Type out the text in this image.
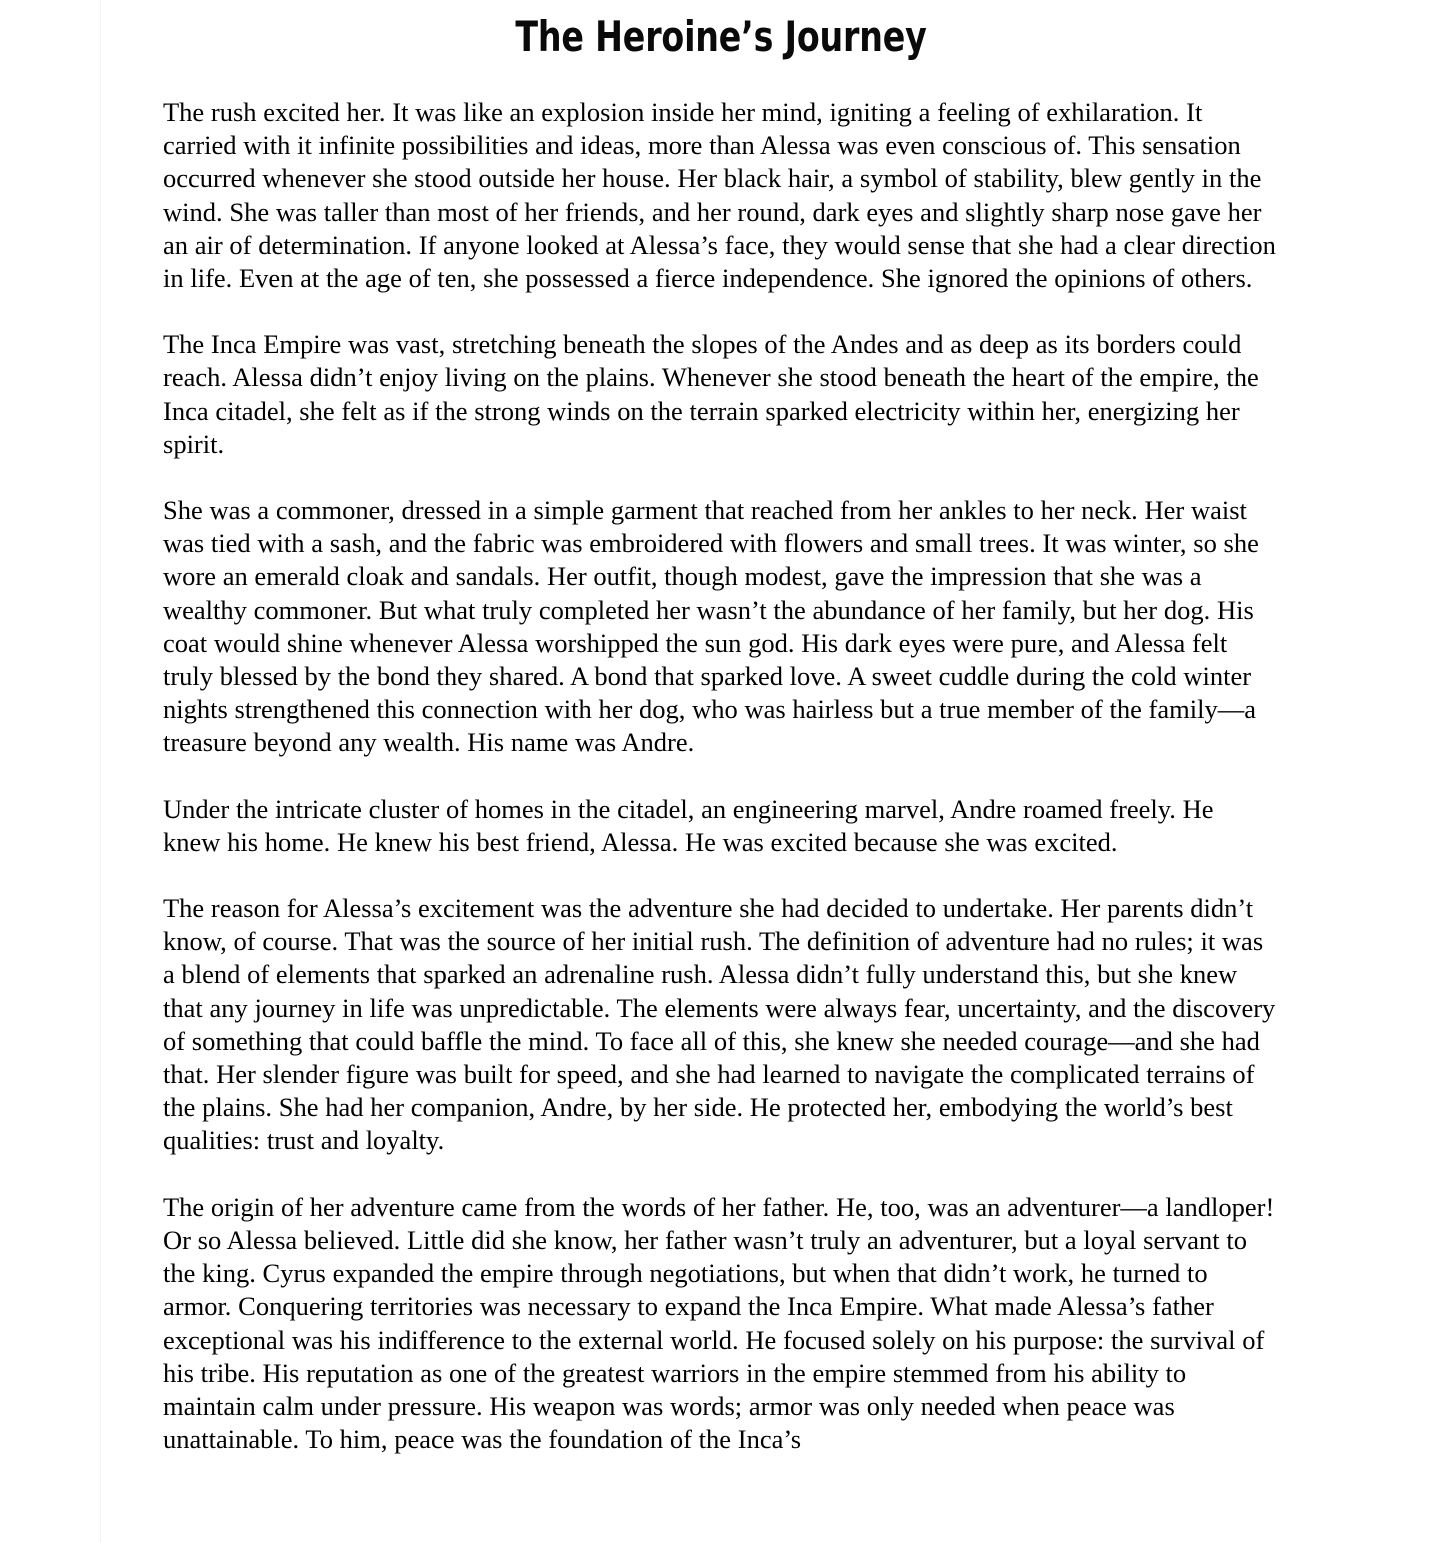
The Heroine’s Journey

The rush excited her. It was like an explosion inside her mind, igniting a feeling of exhilaration. It carried with it infinite possibilities and ideas, more than Alessa was even conscious of. This sensation occurred whenever she stood outside her house. Her black hair, a symbol of stability, blew gently in the wind. She was taller than most of her friends, and her round, dark eyes and slightly sharp nose gave her an air of determination. If anyone looked at Alessa’s face, they would sense that she had a clear direction in life. Even at the age of ten, she possessed a fierce independence. She ignored the opinions of others.

The Inca Empire was vast, stretching beneath the slopes of the Andes and as deep as its borders could reach. Alessa didn’t enjoy living on the plains. Whenever she stood beneath the heart of the empire, the Inca citadel, she felt as if the strong winds on the terrain sparked electricity within her, energizing her spirit.

She was a commoner, dressed in a simple garment that reached from her ankles to her neck. Her waist was tied with a sash, and the fabric was embroidered with flowers and small trees. It was winter, so she wore an emerald cloak and sandals. Her outfit, though modest, gave the impression that she was a wealthy commoner. But what truly completed her wasn’t the abundance of her family, but her dog. His coat would shine whenever Alessa worshipped the sun god. His dark eyes were pure, and Alessa felt truly blessed by the bond they shared. A bond that sparked love. A sweet cuddle during the cold winter nights strengthened this connection with her dog, who was hairless but a true member of the family—a treasure beyond any wealth. His name was Andre.

Under the intricate cluster of homes in the citadel, an engineering marvel, Andre roamed freely. He knew his home. He knew his best friend, Alessa. He was excited because she was excited.

The reason for Alessa’s excitement was the adventure she had decided to undertake. Her parents didn’t know, of course. That was the source of her initial rush. The definition of adventure had no rules; it was a blend of elements that sparked an adrenaline rush. Alessa didn’t fully understand this, but she knew that any journey in life was unpredictable. The elements were always fear, uncertainty, and the discovery of something that could baffle the mind. To face all of this, she knew she needed courage—and she had that. Her slender figure was built for speed, and she had learned to navigate the complicated terrains of the plains. She had her companion, Andre, by her side. He protected her, embodying the world’s best qualities: trust and loyalty.

The origin of her adventure came from the words of her father. He, too, was an adventurer—a landloper! Or so Alessa believed. Little did she know, her father wasn’t truly an adventurer, but a loyal servant to the king. Cyrus expanded the empire through negotiations, but when that didn’t work, he turned to armor. Conquering territories was necessary to expand the Inca Empire. What made Alessa’s father exceptional was his indifference to the external world. He focused solely on his purpose: the survival of his tribe. His reputation as one of the greatest warriors in the empire stemmed from his ability to maintain calm under pressure. His weapon was words; armor was only needed when peace was unattainable. To him, peace was the foundation of the Inca’s
